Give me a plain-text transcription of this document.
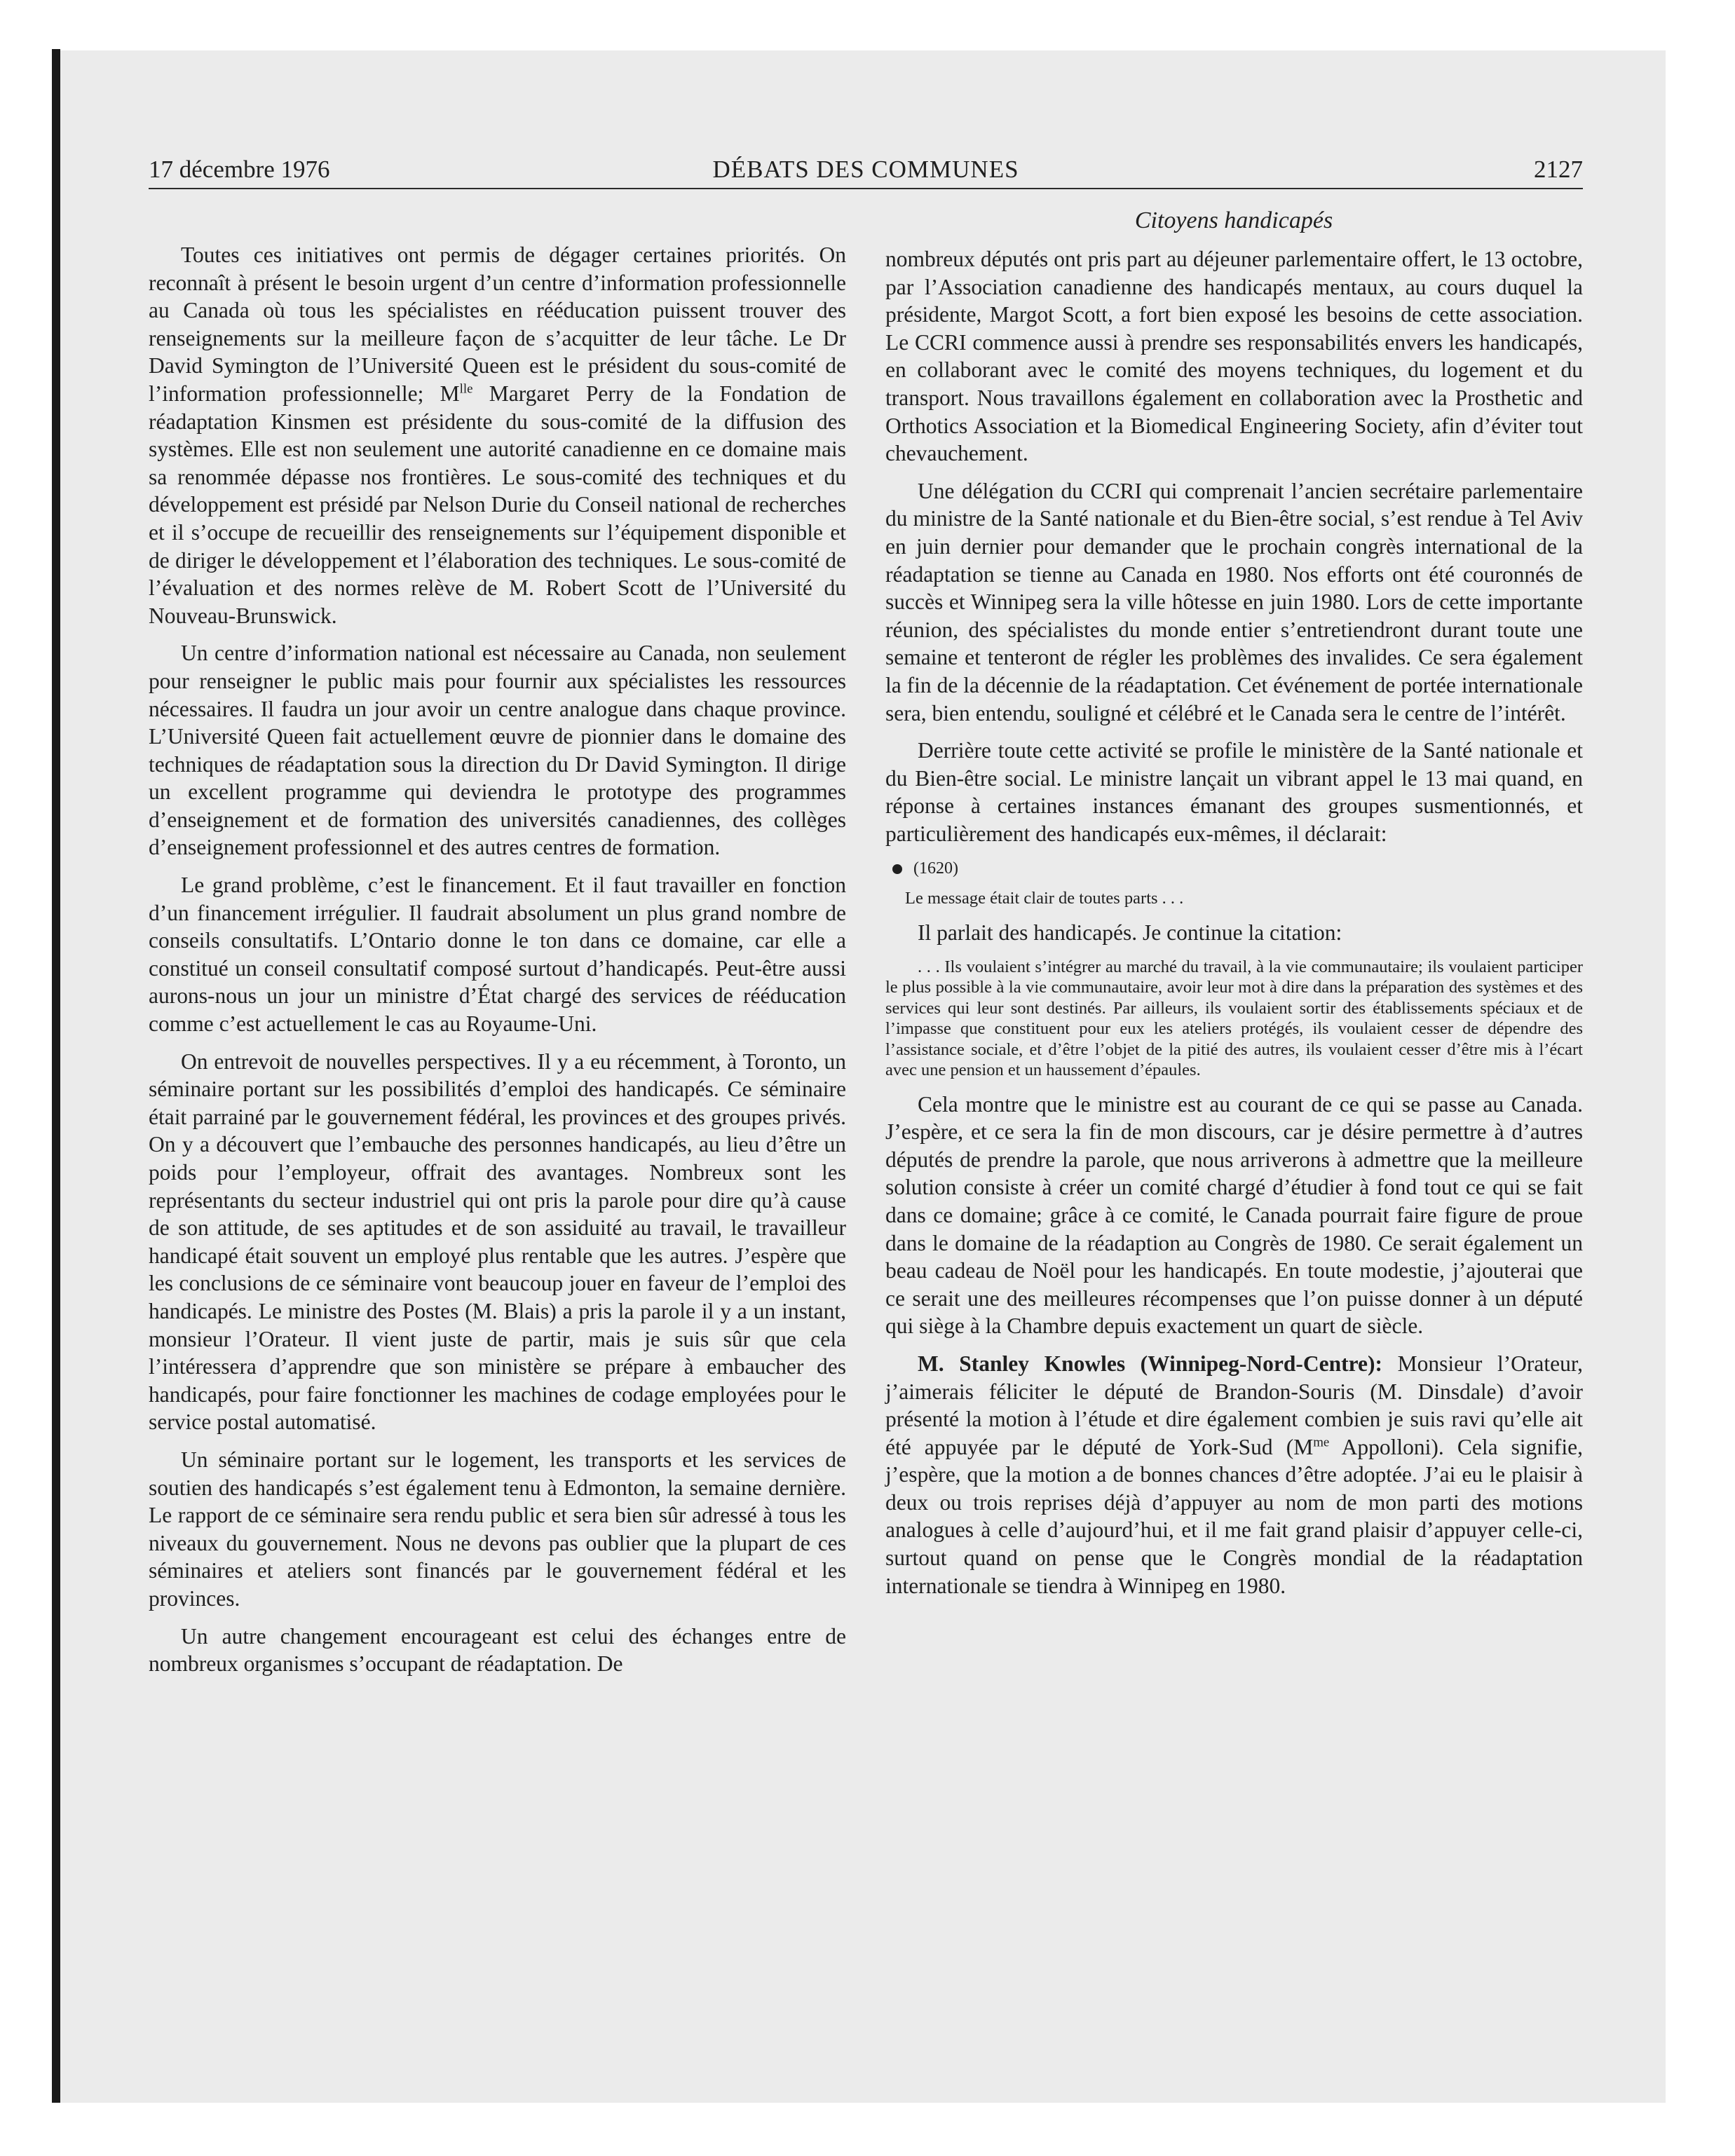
17 décembre 1976	DÉBATS DES COMMUNES	2127
Citoyens handicapés

Toutes ces initiatives ont permis de dégager certaines priorités. On reconnaît à présent le besoin urgent d’un centre d’information professionnelle au Canada où tous les spécialistes en rééducation puissent trouver des renseignements sur la meilleure façon de s’acquitter de leur tâche. Le Dr David Symington de l’Université Queen est le président du sous-comité de l’information professionnelle; $M^{lle}$ Margaret Perry de la Fondation de réadaptation Kinsmen est présidente du sous-comité de la diffusion des systèmes. Elle est non seulement une autorité canadienne en ce domaine mais sa renommée dépasse nos frontières. Le sous-comité des techniques et du développement est présidé par Nelson Durie du Conseil national de recherches et il s’occupe de recueillir des renseignements sur l’équipement disponible et de diriger le développement et l’élaboration des techniques. Le sous-comité de l’évaluation et des normes relève de M. Robert Scott de l’Université du Nouveau-Brunswick.

Un centre d’information national est nécessaire au Canada, non seulement pour renseigner le public mais pour fournir aux spécialistes les ressources nécessaires. Il faudra un jour avoir un centre analogue dans chaque province. L’Université Queen fait actuellement œuvre de pionnier dans le domaine des techniques de réadaptation sous la direction du Dr David Symington. Il dirige un excellent programme qui deviendra le prototype des programmes d’enseignement et de formation des universités canadiennes, des collèges d’enseignement professionnel et des autres centres de formation.

Le grand problème, c’est le financement. Et il faut travailler en fonction d’un financement irrégulier. Il faudrait absolument un plus grand nombre de conseils consultatifs. L’Ontario donne le ton dans ce domaine, car elle a constitué un conseil consultatif composé surtout d’handicapés. Peut-être aussi aurons-nous un jour un ministre d’État chargé des services de rééducation comme c’est actuellement le cas au Royaume-Uni.

On entrevoit de nouvelles perspectives. Il y a eu récemment, à Toronto, un séminaire portant sur les possibilités d’emploi des handicapés. Ce séminaire était parrainé par le gouvernement fédéral, les provinces et des groupes privés. On y a découvert que l’embauche des personnes handicapés, au lieu d’être un poids pour l’employeur, offrait des avantages. Nombreux sont les représentants du secteur industriel qui ont pris la parole pour dire qu’à cause de son attitude, de ses aptitudes et de son assiduité au travail, le travailleur handicapé était souvent un employé plus rentable que les autres. J’espère que les conclusions de ce séminaire vont beaucoup jouer en faveur de l’emploi des handicapés. Le ministre des Postes (M. Blais) a pris la parole il y a un instant, monsieur l’Orateur. Il vient juste de partir, mais je suis sûr que cela l’intéressera d’apprendre que son ministère se prépare à embaucher des handicapés, pour faire fonctionner les machines de codage employées pour le service postal automatisé.

Un séminaire portant sur le logement, les transports et les services de soutien des handicapés s’est également tenu à Edmonton, la semaine dernière. Le rapport de ce séminaire sera rendu public et sera bien sûr adressé à tous les niveaux du gouvernement. Nous ne devons pas oublier que la plupart de ces séminaires et ateliers sont financés par le gouvernement fédéral et les provinces.

Un autre changement encourageant est celui des échanges entre de nombreux organismes s’occupant de réadaptation. De

nombreux députés ont pris part au déjeuner parlementaire offert, le 13 octobre, par l’Association canadienne des handicapés mentaux, au cours duquel la présidente, Margot Scott, a fort bien exposé les besoins de cette association. Le CCRI commence aussi à prendre ses responsabilités envers les handicapés, en collaborant avec le comité des moyens techniques, du logement et du transport. Nous travaillons également en collaboration avec la Prosthetic and Orthotics Association et la Biomedical Engineering Society, afin d’éviter tout chevauchement.

Une délégation du CCRI qui comprenait l’ancien secrétaire parlementaire du ministre de la Santé nationale et du Bien-être social, s’est rendue à Tel Aviv en juin dernier pour demander que le prochain congrès international de la réadaptation se tienne au Canada en 1980. Nos efforts ont été couronnés de succès et Winnipeg sera la ville hôtesse en juin 1980. Lors de cette importante réunion, des spécialistes du monde entier s’entretiendront durant toute une semaine et tenteront de régler les problèmes des invalides. Ce sera également la fin de la décennie de la réadaptation. Cet événement de portée internationale sera, bien entendu, souligné et célébré et le Canada sera le centre de l’intérêt.

Derrière toute cette activité se profile le ministère de la Santé nationale et du Bien-être social. Le ministre lançait un vibrant appel le 13 mai quand, en réponse à certaines instances émanant des groupes susmentionnés, et particulièrement des handicapés eux-mêmes, il déclarait:

(1620)

Le message était clair de toutes parts . . .

Il parlait des handicapés. Je continue la citation:

. . . Ils voulaient s’intégrer au marché du travail, à la vie communautaire; ils voulaient participer le plus possible à la vie communautaire, avoir leur mot à dire dans la préparation des systèmes et des services qui leur sont destinés. Par ailleurs, ils voulaient sortir des établissements spéciaux et de l’impasse que constituent pour eux les ateliers protégés, ils voulaient cesser de dépendre des l’assistance sociale, et d’être l’objet de la pitié des autres, ils voulaient cesser d’être mis à l’écart avec une pension et un haussement d’épaules.

Cela montre que le ministre est au courant de ce qui se passe au Canada. J’espère, et ce sera la fin de mon discours, car je désire permettre à d’autres députés de prendre la parole, que nous arriverons à admettre que la meilleure solution consiste à créer un comité chargé d’étudier à fond tout ce qui se fait dans ce domaine; grâce à ce comité, le Canada pourrait faire figure de proue dans le domaine de la réadaption au Congrès de 1980. Ce serait également un beau cadeau de Noël pour les handicapés. En toute modestie, j’ajouterai que ce serait une des meilleures récompenses que l’on puisse donner à un député qui siège à la Chambre depuis exactement un quart de siècle.

M. Stanley Knowles (Winnipeg-Nord-Centre): Monsieur l’Orateur, j’aimerais féliciter le député de Brandon-Souris (M. Dinsdale) d’avoir présenté la motion à l’étude et dire également combien je suis ravi qu’elle ait été appuyée par le député de York-Sud ($M^{me}$ Appolloni). Cela signifie, j’espère, que la motion a de bonnes chances d’être adoptée. J’ai eu le plaisir à deux ou trois reprises déjà d’appuyer au nom de mon parti des motions analogues à celle d’aujourd’hui, et il me fait grand plaisir d’appuyer celle-ci, surtout quand on pense que le Congrès mondial de la réadaptation internationale se tiendra à Winnipeg en 1980.
